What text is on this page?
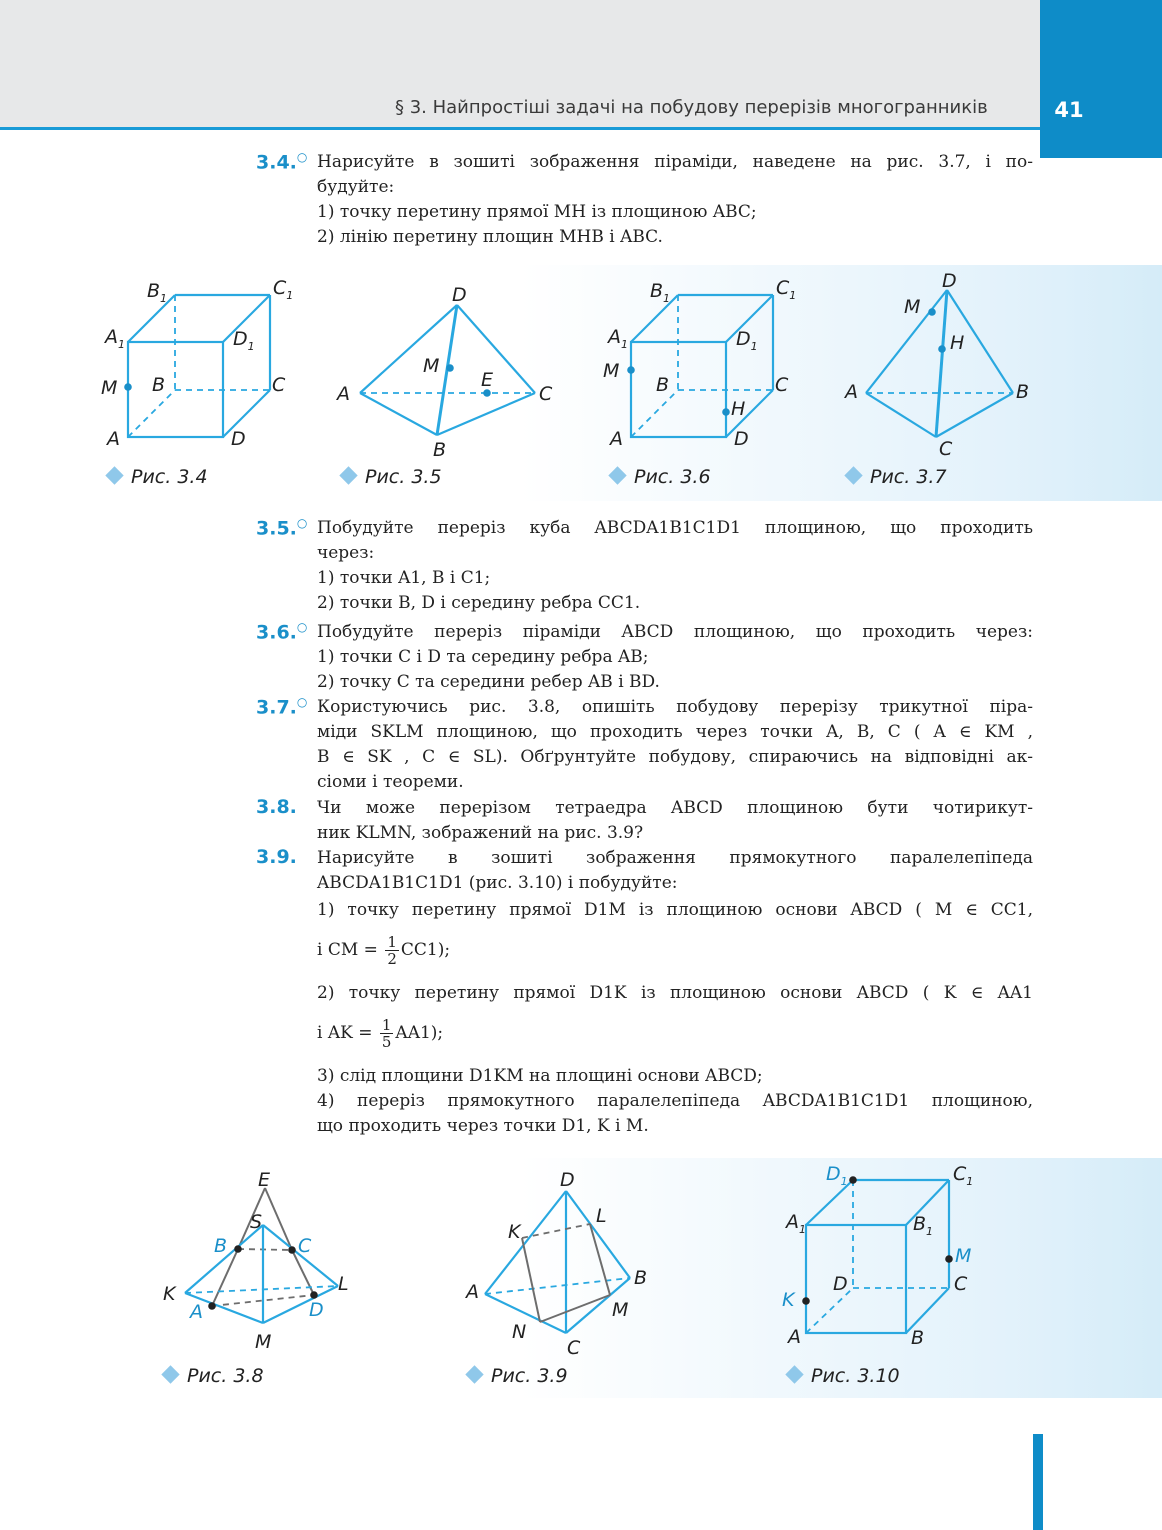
§ 3. Найпростіші задачі на побудову перерізів многогранників	41
3.4.○ Нарисуйте в зошиті зображення піраміди, наведене на рис. 3.7, і по-

будуйте:

1) точку перетину прямої MH із площиною ABC;

2) лінію перетину площин MHB і ABC.

$B_1$	$C_1$
$A_1$	$D_1$
M B	C
A	D
D
M
E
A	C
B
$B_1$	$C_1$
$A_1$	$D_1$
M
B	C
H
A	D
D
M
H
A	B
C
Рис. 3.4	Рис. 3.5	Рис. 3.6	Рис. 3.7
3.5.○ Побудуйте переріз куба ABCDA1B1C1D1 площиною, що проходить

через:

1) точки A1, B і C1;

2) точки B, D і середину ребра CC1.

3.6.○ Побудуйте переріз піраміди ABCD площиною, що проходить через:

1) точки C і D та середину ребра AB;

2) точку C та середини ребер AB і BD.

3.7.○ Користуючись рис. 3.8, опишіть побудову перерізу трикутної піра-

міди SKLM площиною, що проходить через точки A, B, C ( A ∈ KM ,

B ∈ SK , C ∈ SL). Обґрунтуйте побудову, спираючись на відповідні ак-

сіоми і теореми.

3.8. Чи може перерізом тетраедра ABCD площиною бути чотирикут-

ник KLMN, зображений на рис. 3.9?

3.9. Нарисуйте в зошиті зображення прямокутного паралелепіпеда

ABCDA1B1C1D1 (рис. 3.10) і побудуйте:

1) точку перетину прямої D1M із площиною основи ABCD ( M ∈ CC1,

і CM = $\frac{1}{2} CC1$);

2) точку перетину прямої D1K із площиною основи ABCD ( K ∈ AA1

і AK = $\frac{1}{5} AA1$);

3) слід площини D1KM на площині основи ABCD;

4) переріз прямокутного паралелепіпеда ABCDA1B1C1D1 площиною,

що проходить через точки D1, K і M.

E
S
B	C
K	L
A	D
M
D
K
L
A
B
M
N
C
$D_1$	$C_1$
$A_1$	$B_1$
M
D	C
K
A	B
Рис. 3.8	Рис. 3.9	Рис. 3.10
